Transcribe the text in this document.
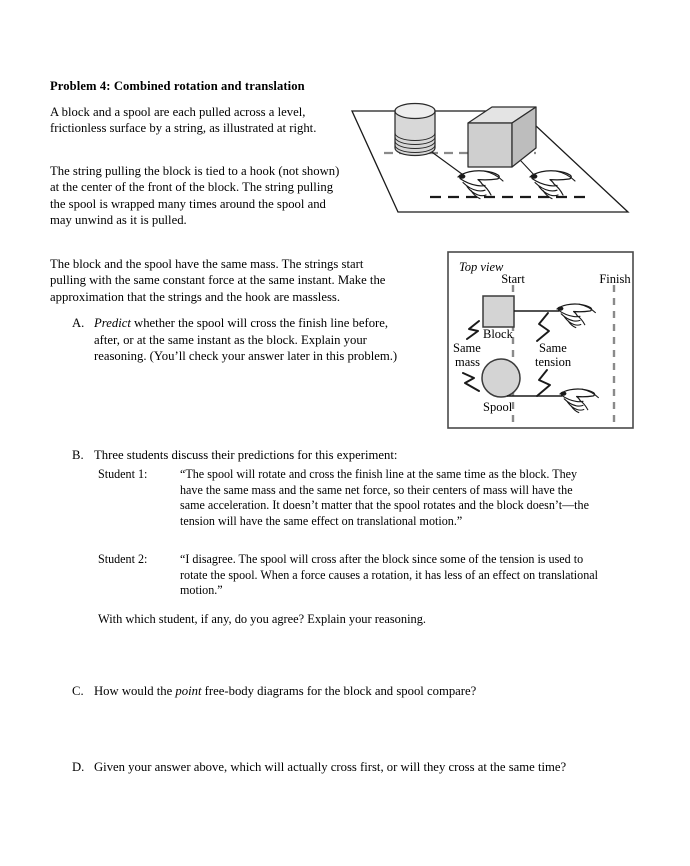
Problem 4: Combined rotation and translation
A block and a spool are each pulled across a level, frictionless surface by a string, as illustrated at right.
The string pulling the block is tied to a hook (not shown) at the center of the front of the block. The string pulling the spool is wrapped many times around the spool and may unwind as it is pulled.
The block and the spool have the same mass. The strings start pulling with the same constant force at the same instant. Make the approximation that the strings and the hook are massless.
A. Predict whether the spool will cross the finish line before, after, or at the same instant as the block. Explain your reasoning. (You’ll check your answer later in this problem.)
B. Three students discuss their predictions for this experiment:
Student 1:	“The spool will rotate and cross the finish line at the same time as the block. They have the same mass and the same net force, so their centers of mass will have the same acceleration. It doesn’t matter that the spool rotates and the block doesn’t—the tension will have the same effect on translational motion.”
Student 2:	“I disagree. The spool will cross after the block since some of the tension is used to rotate the spool. When a force causes a rotation, it has less of an effect on translational motion.”
With which student, if any, do you agree? Explain your reasoning.
C. How would the point free-body diagrams for the block and spool compare?
D. Given your answer above, which will actually cross first, or will they cross at the same time?
Top view
Start	Finish
Block
Spool
Same
mass
Same
tension
